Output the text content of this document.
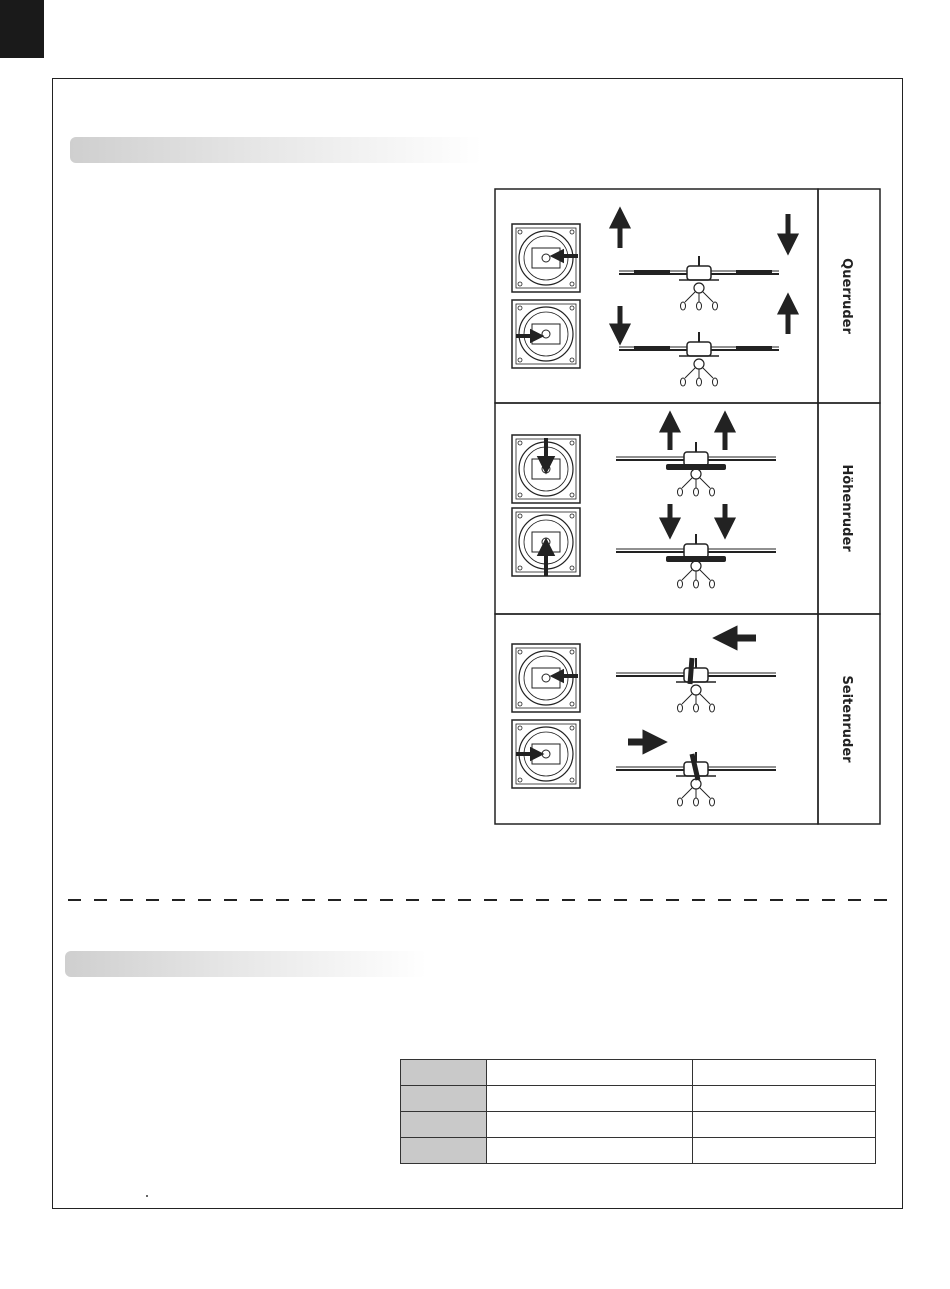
Querruder
Höhenruder
Seitenruder
